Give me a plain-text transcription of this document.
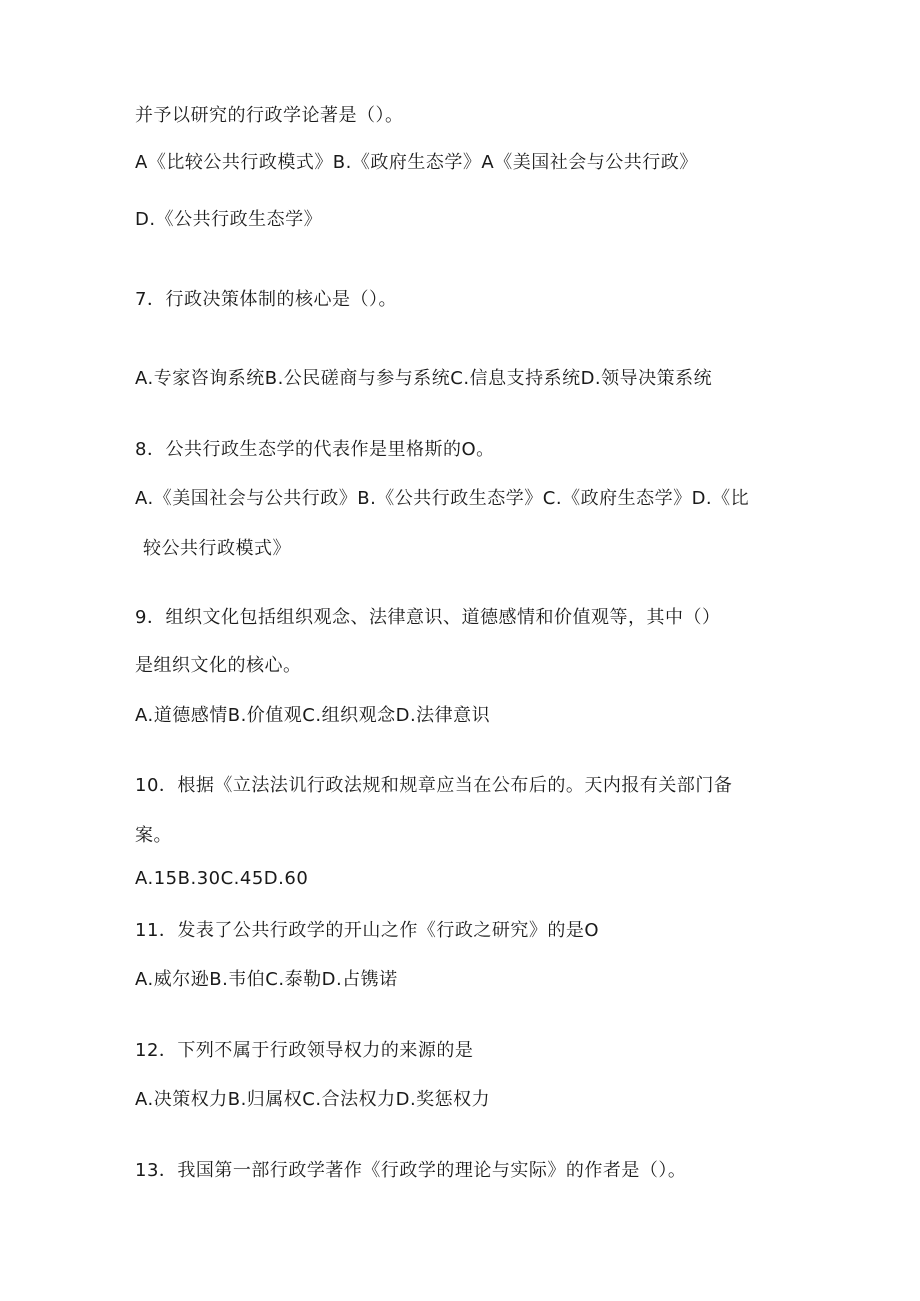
并予以研究的行政学论著是（）。
A《比较公共行政模式》B.《政府生态学》A《美国社会与公共行政》
D.《公共行政生态学》
7．行政决策体制的核心是（）。
A.专家咨询系统B.公民磋商与参与系统C.信息支持系统D.领导决策系统
8．公共行政生态学的代表作是里格斯的O。
A.《美国社会与公共行政》B.《公共行政生态学》C.《政府生态学》D.《比
较公共行政模式》
9．组织文化包括组织观念、法律意识、道德感情和价值观等，其中（）
是组织文化的核心。
A.道德感情B.价值观C.组织观念D.法律意识
10．根据《立法法讥行政法规和规章应当在公布后的。天内报有关部门备
案。
A.15B.30C.45D.60
11．发表了公共行政学的开山之作《行政之研究》的是O
A.威尔逊B.韦伯C.泰勒D.占镌诺
12．下列不属于行政领导权力的来源的是
A.决策权力B.归属权C.合法权力D.奖惩权力
13．我国第一部行政学著作《行政学的理论与实际》的作者是（）。
